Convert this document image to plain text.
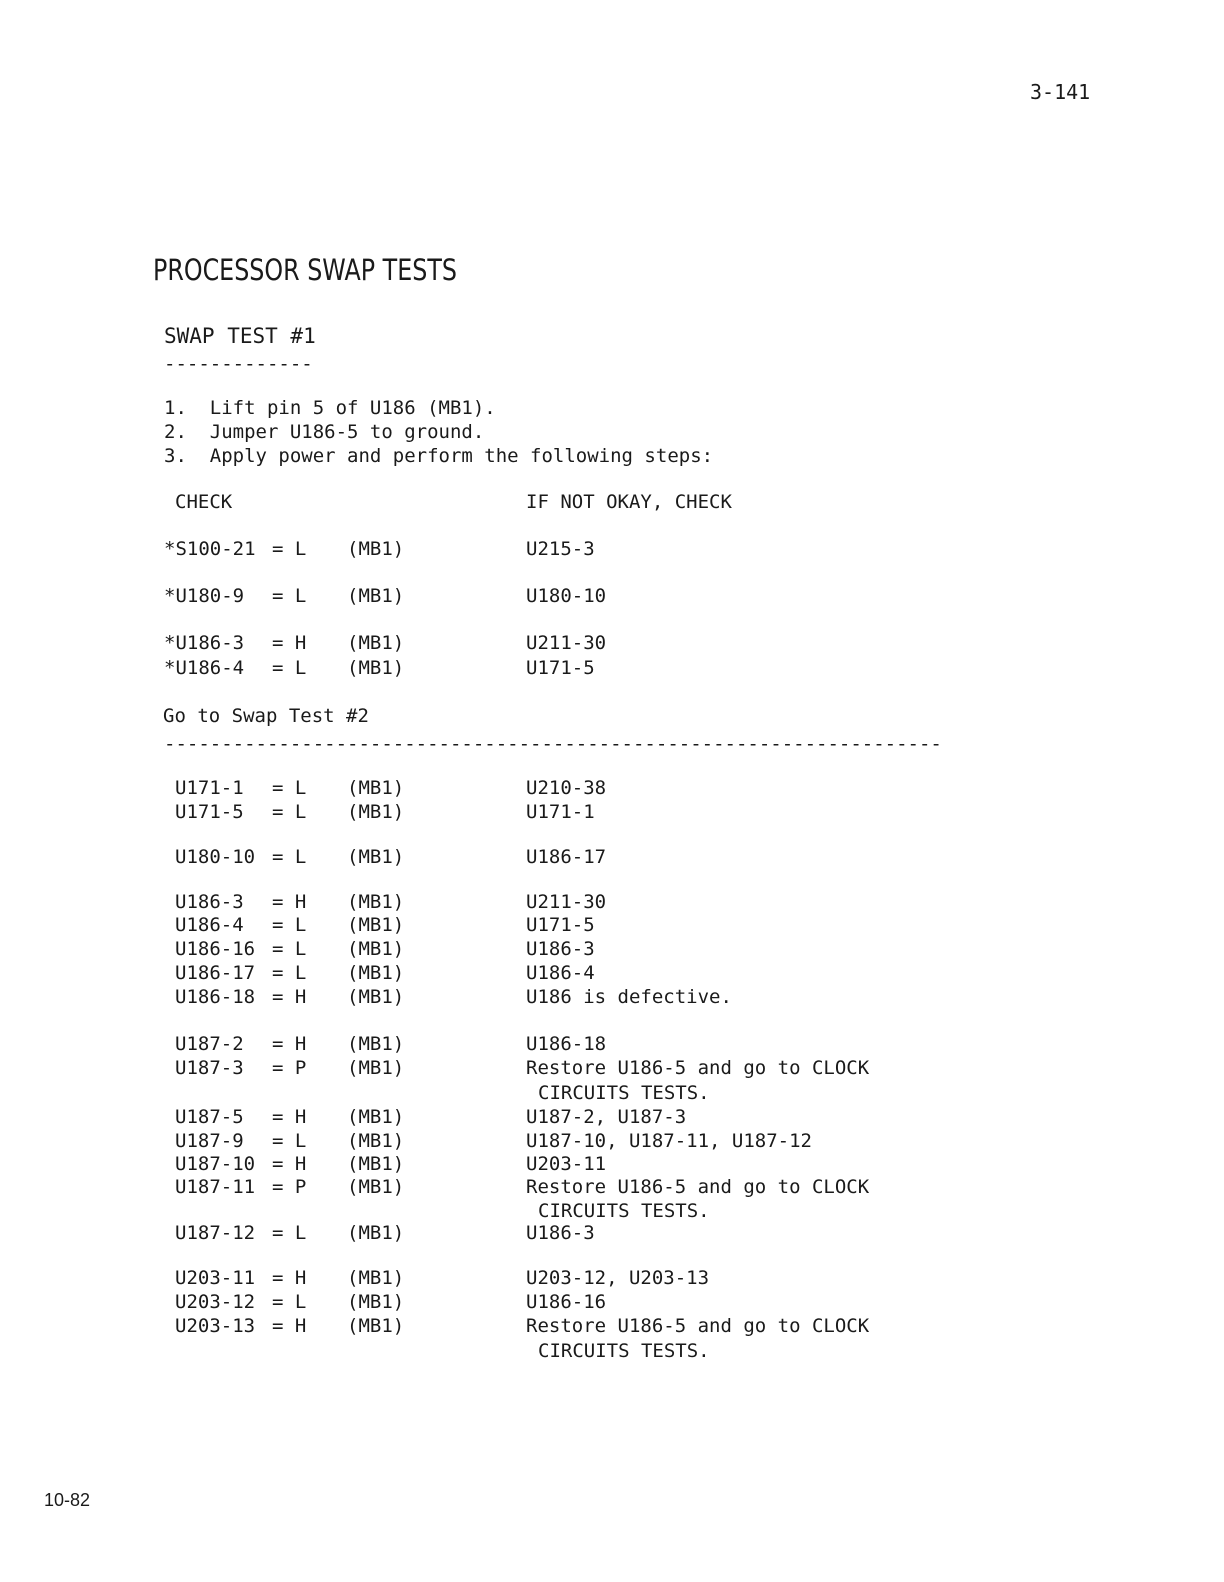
3-141
PROCESSOR SWAP TESTS
SWAP TEST #1
-------------
1.  Lift pin 5 of U186 (MB1).
2.  Jumper U186-5 to ground.
3.  Apply power and perform the following steps:
CHECK	IF NOT OKAY, CHECK
*S100-21 = L (MB1)	U215-3
*U180-9 = L (MB1)	U180-10
*U186-3 = H (MB1)	U211-30
*U186-4 = L (MB1)	U171-5
Go to Swap Test #2
--------------------------------------------------------------------
U171-1 = L (MB1)	U210-38
U171-5 = L (MB1)	U171-1
U180-10 = L (MB1)	U186-17
U186-3 = H (MB1)	U211-30
U186-4 = L (MB1)	U171-5
U186-16 = L (MB1)	U186-3
U186-17 = L (MB1)	U186-4
U186-18 = H (MB1)	U186 is defective.
U187-2 = H (MB1)	U186-18
U187-3 = P (MB1)	Restore U186-5 and go to CLOCK
CIRCUITS TESTS.
U187-5 = H (MB1)	U187-2, U187-3
U187-9 = L (MB1)	U187-10, U187-11, U187-12
U187-10 = H (MB1)	U203-11
U187-11 = P (MB1)	Restore U186-5 and go to CLOCK
CIRCUITS TESTS.
U187-12 = L (MB1)	U186-3
U203-11 = H (MB1)	U203-12, U203-13
U203-12 = L (MB1)	U186-16
U203-13 = H (MB1)	Restore U186-5 and go to CLOCK
CIRCUITS TESTS.
10-82
